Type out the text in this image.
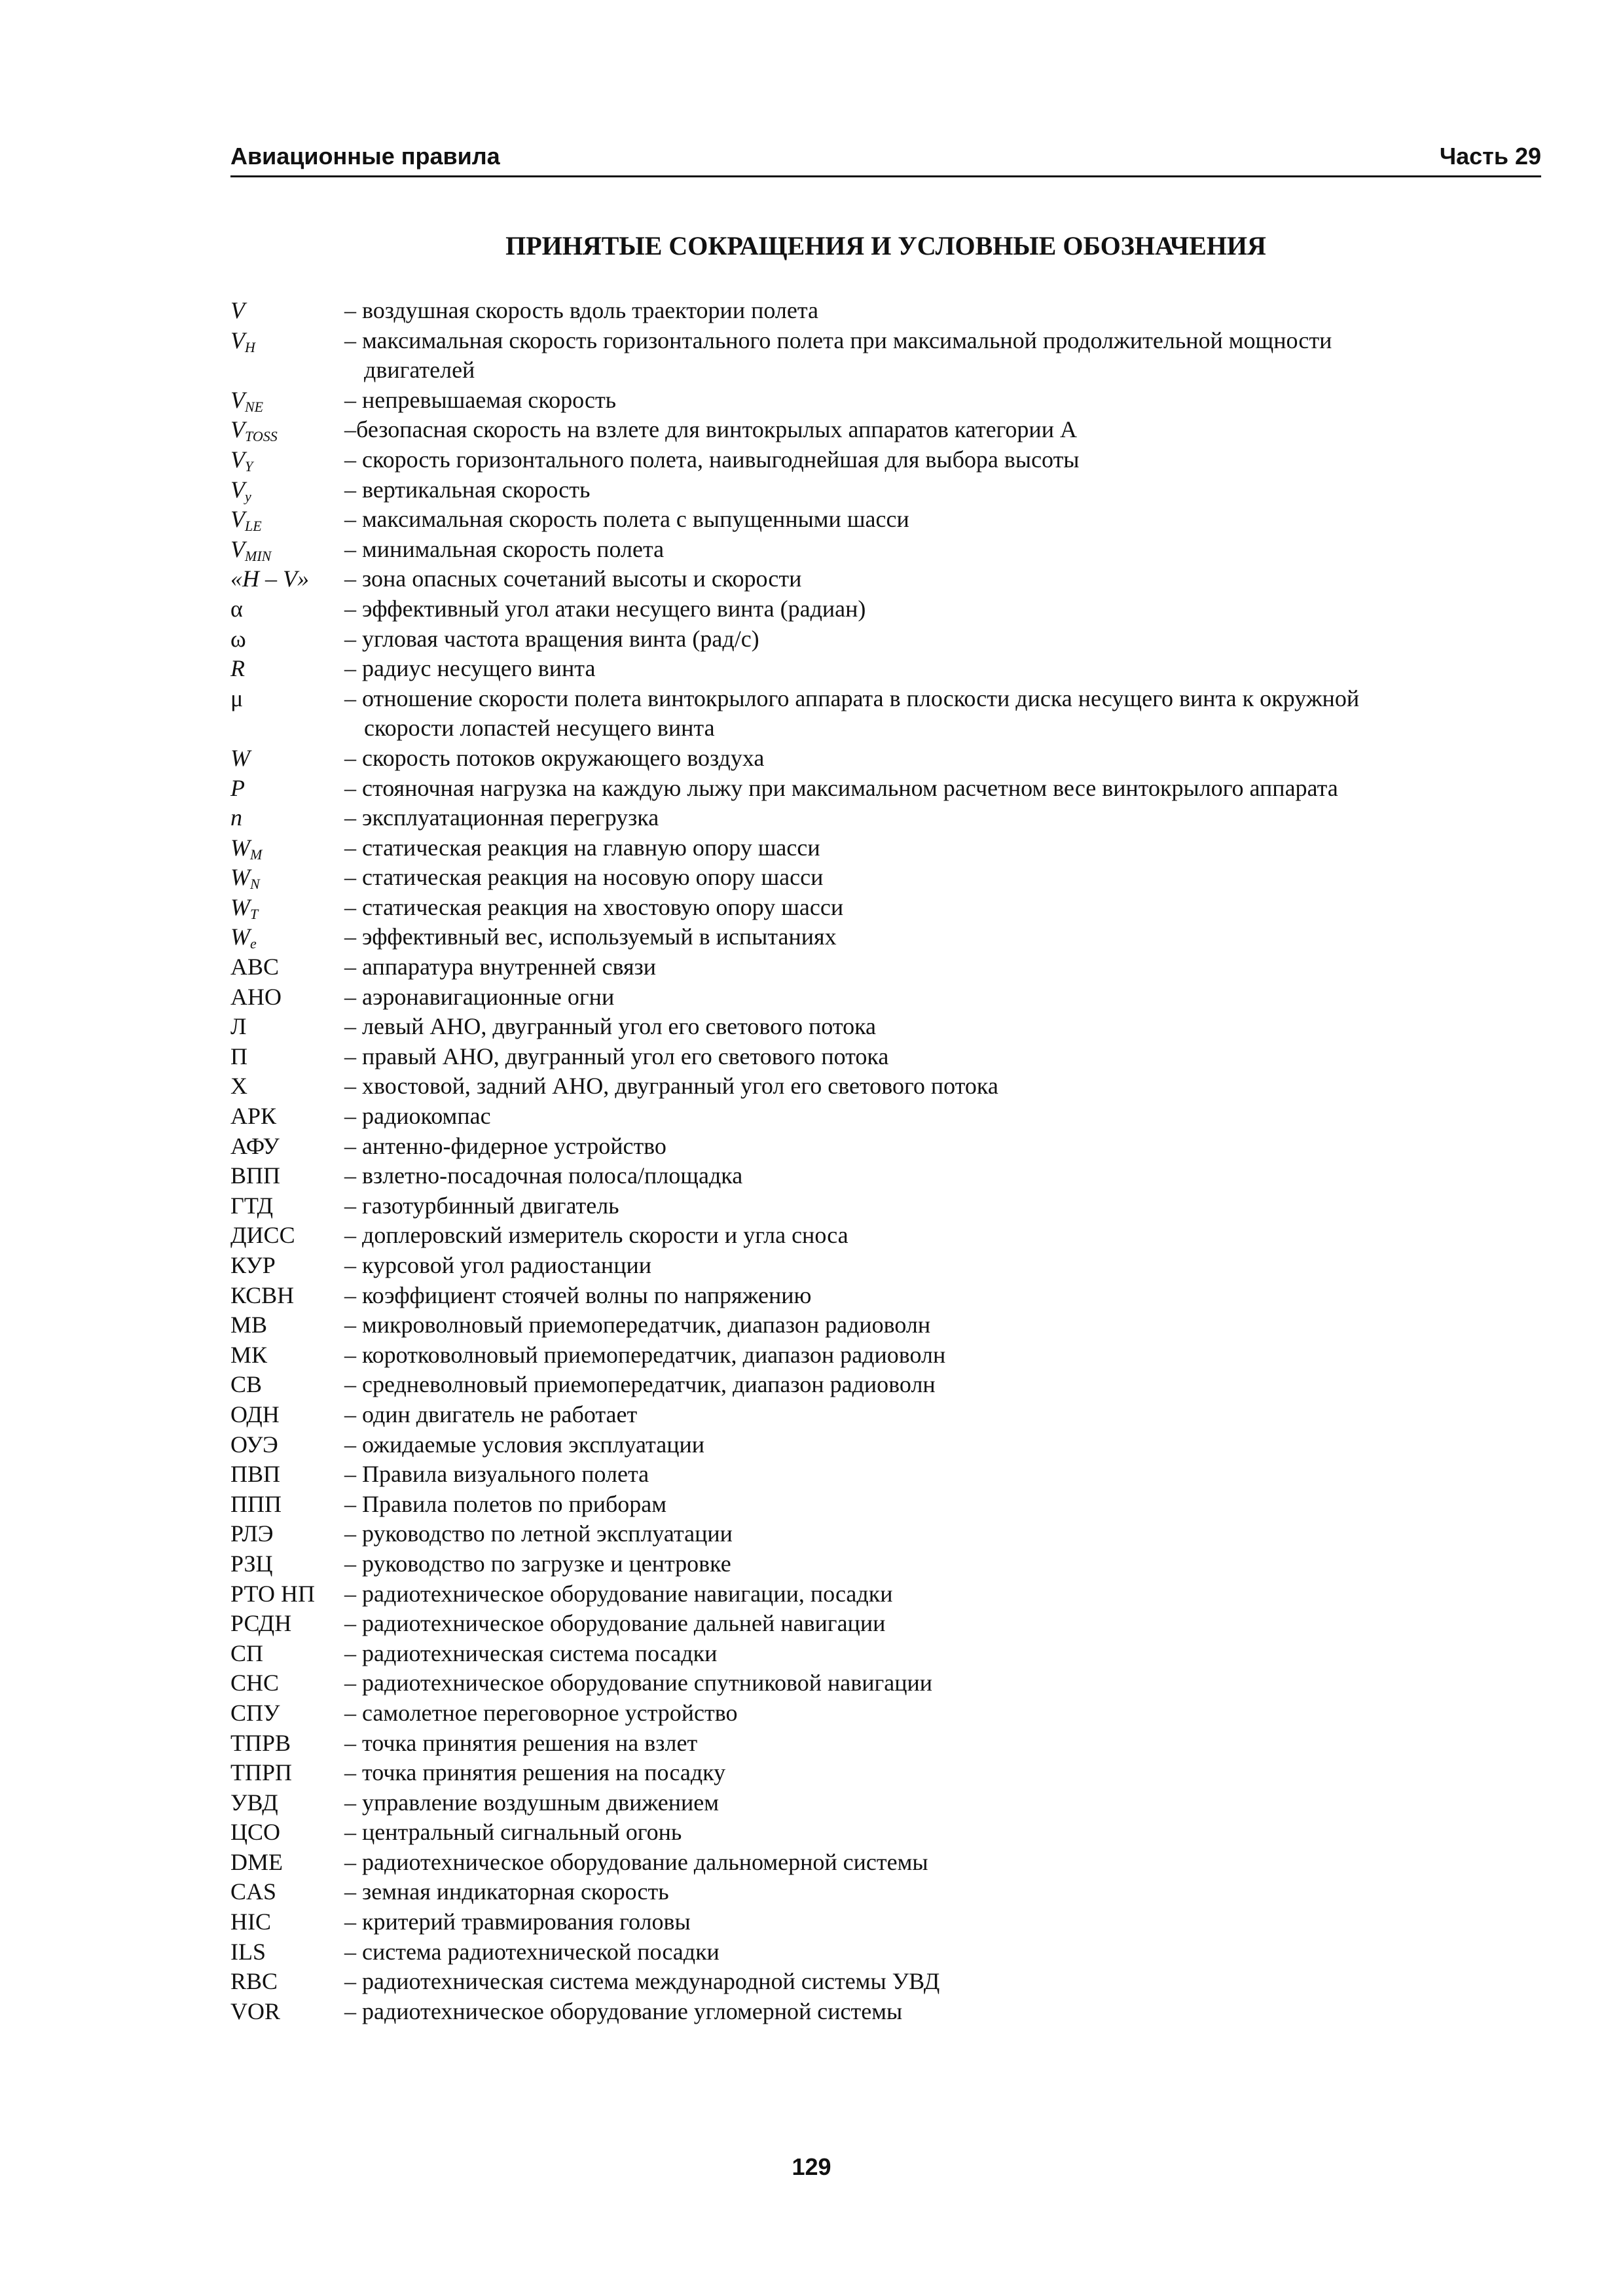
Авиационные правила	Часть 29
ПРИНЯТЫЕ СОКРАЩЕНИЯ И УСЛОВНЫЕ ОБОЗНАЧЕНИЯ
V	– воздушная скорость вдоль траектории полета
$V_H$	– максимальная скорость горизонтального полета при максимальной продолжительной мощности
двигателей
$V_{NE}$	– непревышаемая скорость
$V_{TOSS}$	–безопасная скорость на взлете для винтокрылых аппаратов категории А
$V_Y$	– скорость горизонтального полета, наивыгоднейшая для выбора высоты
$V_y$	– вертикальная скорость
$V_{LE}$	– максимальная скорость полета с выпущенными шасси
$V_{MIN}$	– минимальная скорость полета
«H – V»	– зона опасных сочетаний высоты и скорости
α	– эффективный угол атаки несущего винта (радиан)
ω	– угловая частота вращения винта (рад/с)
R	– радиус несущего винта
μ	– отношение скорости полета винтокрылого аппарата в плоскости диска несущего винта к окружной
скорости лопастей несущего винта
W	– скорость потоков окружающего воздуха
P	– стояночная нагрузка на каждую лыжу при максимальном расчетном весе винтокрылого аппарата
n	– эксплуатационная перегрузка
$W_M$	– статическая реакция на главную опору шасси
$W_N$	– статическая реакция на носовую опору шасси
$W_T$	– статическая реакция на хвостовую опору шасси
$W_e$	– эффективный вес, используемый в испытаниях
АВС	– аппаратура внутренней связи
АНО	– аэронавигационные огни
Л	– левый АНО, двугранный угол его светового потока
П	– правый АНО, двугранный угол его светового потока
Х	– хвостовой, задний АНО, двугранный угол его светового потока
АРК	– радиокомпас
АФУ	– антенно-фидерное устройство
ВПП	– взлетно-посадочная полоса/площадка
ГТД	– газотурбинный двигатель
ДИСС	– доплеровский измеритель скорости и угла сноса
КУР	– курсовой угол радиостанции
КСВН	– коэффициент стоячей волны по напряжению
МВ	– микроволновый приемопередатчик, диапазон радиоволн
МК	– коротковолновый приемопередатчик, диапазон радиоволн
СВ	– средневолновый приемопередатчик, диапазон радиоволн
ОДН	– один двигатель не работает
ОУЭ	– ожидаемые условия эксплуатации
ПВП	– Правила визуального полета
ППП	– Правила полетов по приборам
РЛЭ	– руководство по летной эксплуатации
РЗЦ	– руководство по загрузке и центровке
РТО НП	– радиотехническое оборудование навигации, посадки
РСДН	– радиотехническое оборудование дальней навигации
СП	– радиотехническая система посадки
СНС	– радиотехническое оборудование спутниковой навигации
СПУ	– самолетное переговорное устройство
ТПРВ	– точка принятия решения на взлет
ТПРП	– точка принятия решения на посадку
УВД	– управление воздушным движением
ЦСО	– центральный сигнальный огонь
DME	– радиотехническое оборудование дальномерной системы
CAS	– земная индикаторная скорость
HIC	– критерий травмирования головы
ILS	– система радиотехнической посадки
RBC	– радиотехническая система международной системы УВД
VOR	– радиотехническое оборудование угломерной системы
129
